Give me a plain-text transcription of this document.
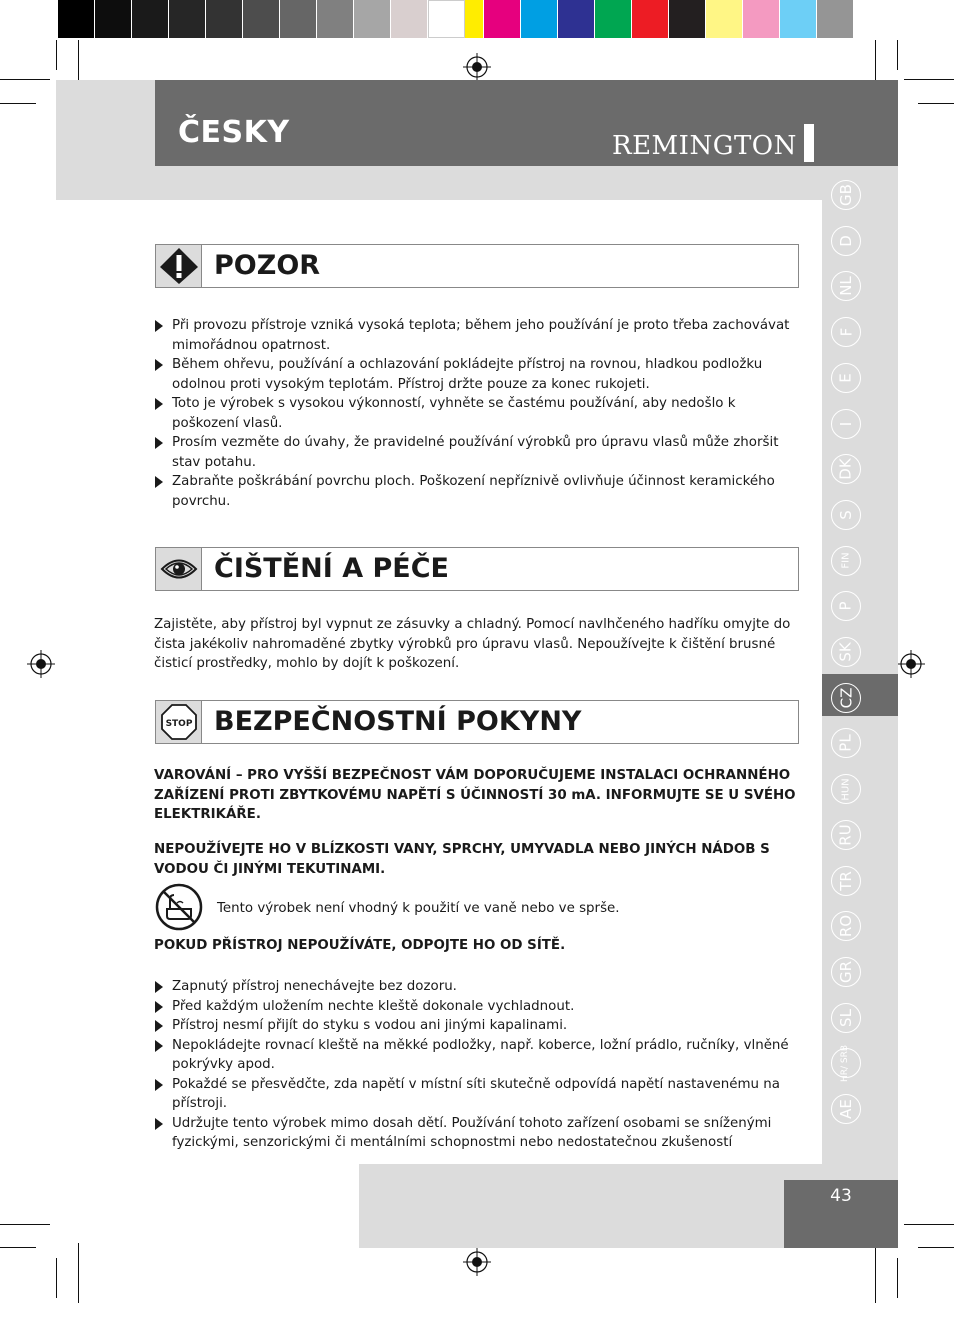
ČESKY	REMINGTON
GB
D
NL
F
E
I
DK
S
FIN
P
SK
CZ
PL
HUN
RU
TR
RO
GR
SL
HR/ SRB
AE
43
POZOR
Při provozu přístroje vzniká vysoká teplota; během jeho používání je proto třeba zachovávat mimořádnou opatrnost.
Během ohřevu, používání a ochlazování pokládejte přístroj na rovnou, hladkou podložku odolnou proti vysokým teplotám. Přístroj držte pouze za konec rukojeti.
Toto je výrobek s vysokou výkonností, vyhněte se častému používání, aby nedošlo k poškození vlasů.
Prosím vezměte do úvahy, že pravidelné používání výrobků pro úpravu vlasů může zhoršit stav potahu.
Zabraňte poškrábání povrchu ploch. Poškození nepříznivě ovlivňuje účinnost keramického povrchu.
ČIŠTĚNÍ A PÉČE
Zajistěte, aby přístroj byl vypnut ze zásuvky a chladný. Pomocí navlhčeného hadříku omyjte do čista jakékoliv nahromaděné zbytky výrobků pro úpravu vlasů. Nepoužívejte k čištění brusné čisticí prostředky, mohlo by dojít k poškození.
STOP BEZPEČNOSTNÍ POKYNY
VAROVÁNÍ – PRO VYŠŠÍ BEZPEČNOST VÁM DOPORUČUJEME INSTALACI OCHRANNÉHO ZAŘÍZENÍ PROTI ZBYTKOVÉMU NAPĚTÍ S ÚČINNOSTÍ 30 mA. INFORMUJTE SE U SVÉHO ELEKTRIKÁŘE.
NEPOUŽÍVEJTE HO V BLÍZKOSTI VANY, SPRCHY, UMYVADLA NEBO JINÝCH NÁDOB S VODOU ČI JINÝMI TEKUTINAMI.
Tento výrobek není vhodný k použití ve vaně nebo ve sprše.
POKUD PŘÍSTROJ NEPOUŽÍVÁTE, ODPOJTE HO OD SÍTĚ.
Zapnutý přístroj nenechávejte bez dozoru.
Před každým uložením nechte kleště dokonale vychladnout.
Přístroj nesmí přijít do styku s vodou ani jinými kapalinami.
Nepokládejte rovnací kleště na měkké podložky, např. koberce, ložní prádlo, ručníky, vlněné pokrývky apod.
Pokaždé se přesvědčte, zda napětí v místní síti skutečně odpovídá napětí nastavenému na přístroji.
Udržujte tento výrobek mimo dosah dětí. Používání tohoto zařízení osobami se sníženými fyzickými, senzorickými či mentálními schopnostmi nebo nedostatečnou zkušeností
